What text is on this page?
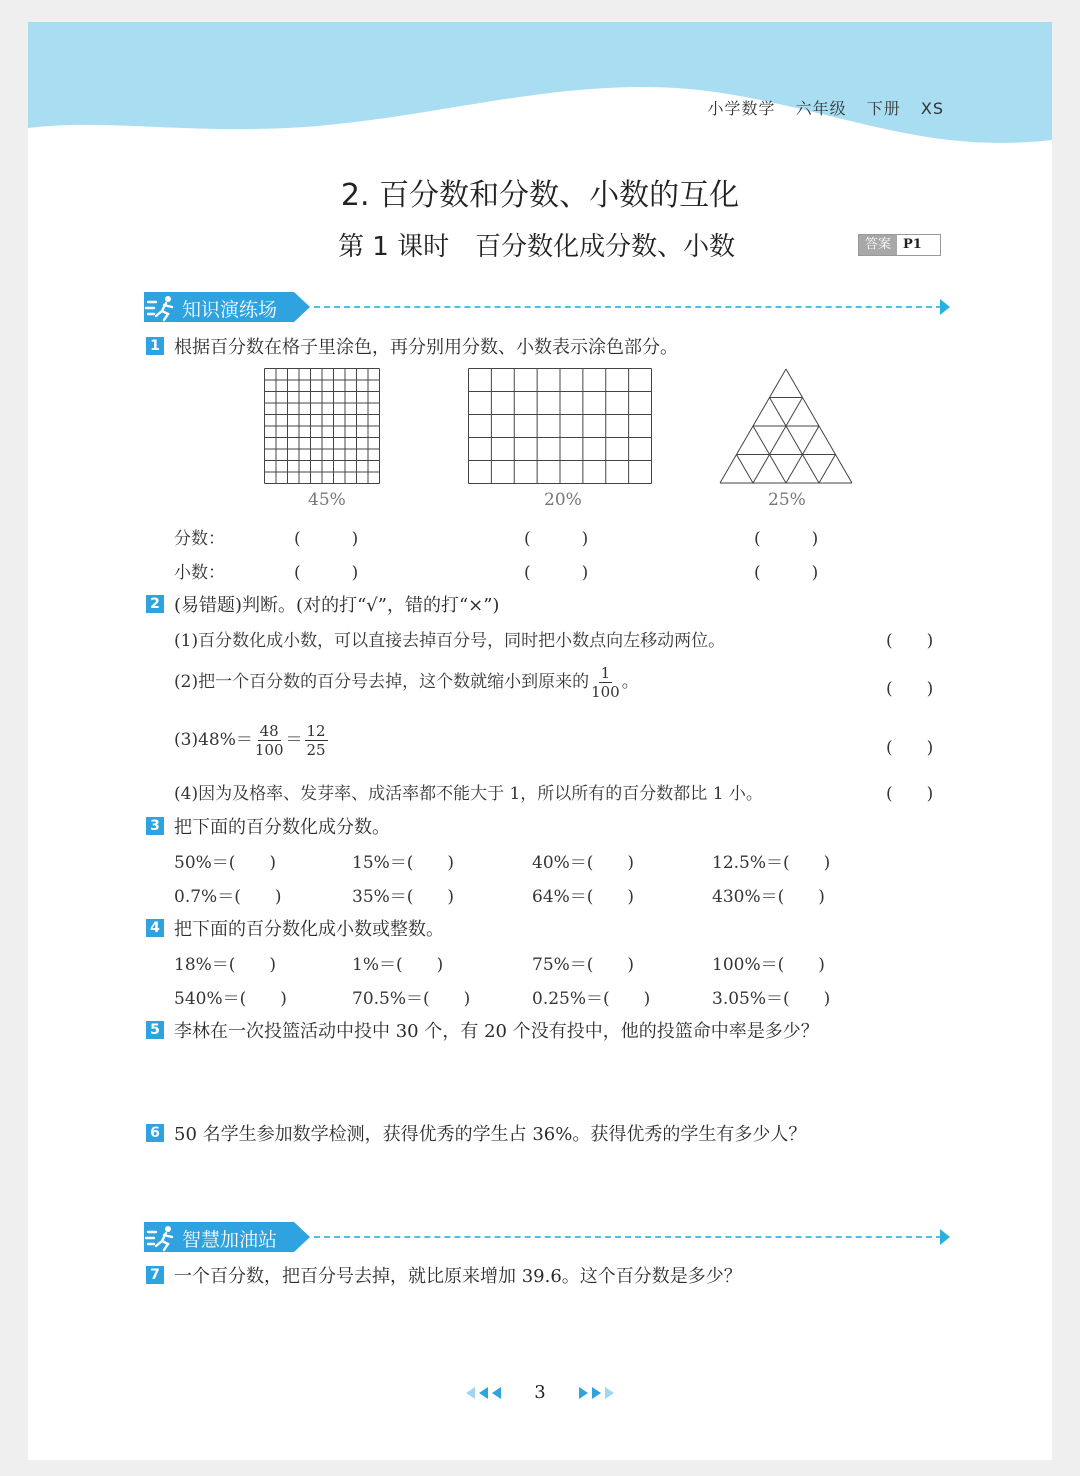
小学数学 六年级 下册 XS
2. 百分数和分数、小数的互化
第 1 课时　百分数化成分数、小数	答案 P1
知识演练场
1 根据百分数在格子里涂色，再分别用分数、小数表示涂色部分。
45%	20%	25%
分数：	(　　　)	(　　　)	(　　　)
小数：	(　　　)	(　　　)	(　　　)
2 (易错题)判断。(对的打“√”，错的打“×”)
(1)百分数化成小数，可以直接去掉百分号，同时把小数点向左移动两位。	(　　)
(2)把一个百分数的百分号去掉，这个数就缩小到原来的 $\frac{1}{100}$ 。	(　　)
$(3)48\%= \frac{48}{100} = \frac{12}{25}$	(　　)
(4)因为及格率、发芽率、成活率都不能大于 1，所以所有的百分数都比 1 小。	(　　)
3 把下面的百分数化成分数。
50%＝(　　)	15%＝(　　)	40%＝(　　)	12.5%＝(　　)
0.7%＝(　　)	35%＝(　　)	64%＝(　　)	430%＝(　　)
4 把下面的百分数化成小数或整数。
18%＝(　　)	1%＝(　　)	75%＝(　　)	100%＝(　　)
540%＝(　　)	70.5%＝(　　)	0.25%＝(　　)	3.05%＝(　　)
5 李林在一次投篮活动中投中 30 个，有 20 个没有投中，他的投篮命中率是多少？
6 50 名学生参加数学检测，获得优秀的学生占 36%。获得优秀的学生有多少人？
智慧加油站
7 一个百分数，把百分号去掉，就比原来增加 39.6。这个百分数是多少？
3
